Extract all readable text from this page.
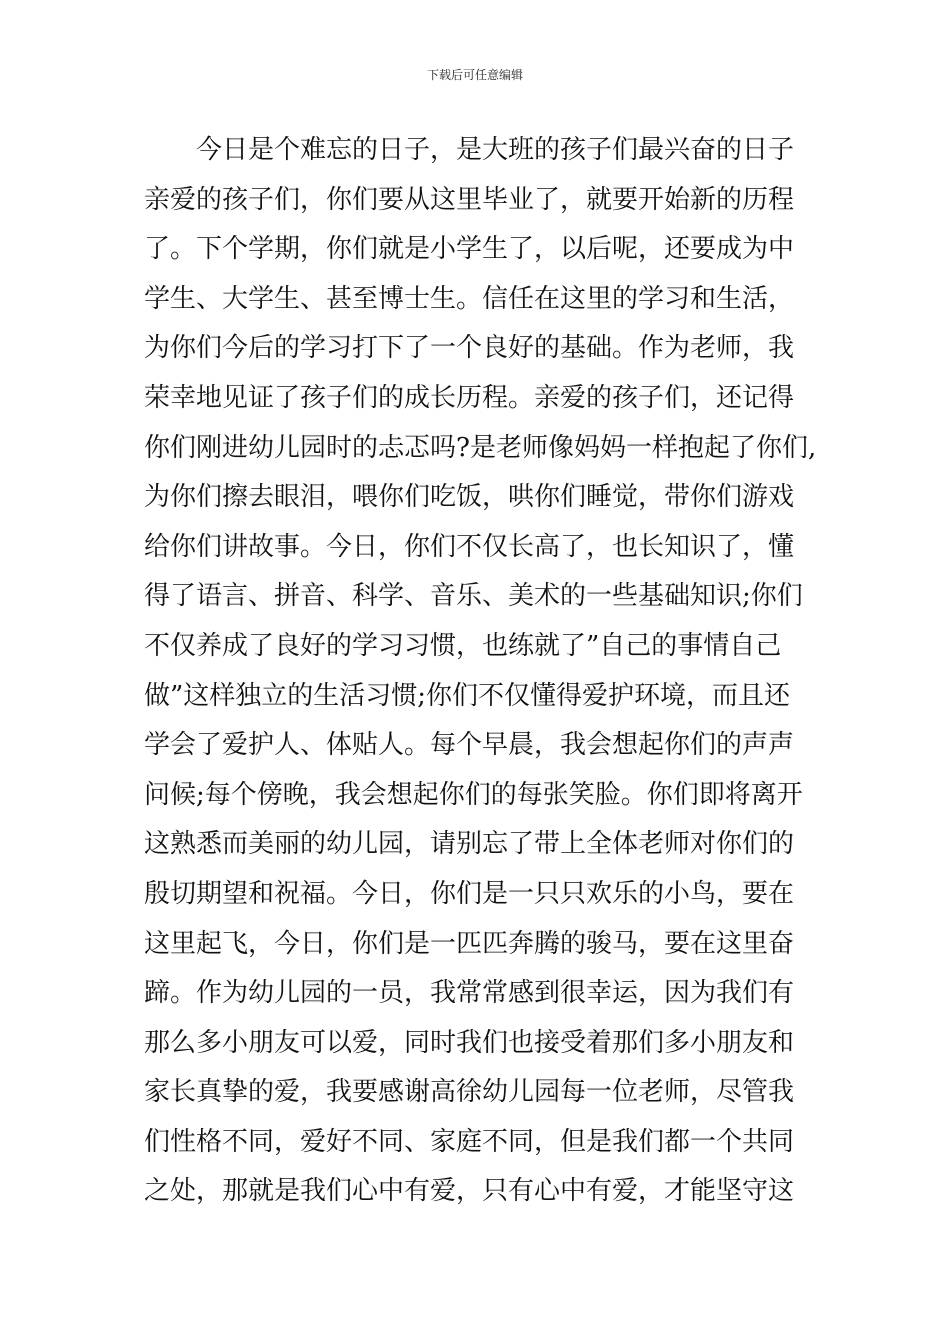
下载后可任意编辑
今日是个难忘的日子，是大班的孩子们最兴奋的日子
亲爱的孩子们，你们要从这里毕业了，就要开始新的历程
了。下个学期，你们就是小学生了，以后呢，还要成为中
学生、大学生、甚至博士生。信任在这里的学习和生活，
为你们今后的学习打下了一个良好的基础。作为老师，我
荣幸地见证了孩子们的成长历程。亲爱的孩子们，还记得
你们刚进幼儿园时的忐忑吗?是老师像妈妈一样抱起了你们,
为你们擦去眼泪，喂你们吃饭，哄你们睡觉，带你们游戏
给你们讲故事。今日，你们不仅长高了，也长知识了，懂
得了语言、拼音、科学、音乐、美术的一些基础知识;你们
不仅养成了良好的学习习惯，也练就了”自己的事情自己
做”这样独立的生活习惯;你们不仅懂得爱护环境，而且还
学会了爱护人、体贴人。每个早晨，我会想起你们的声声
问候;每个傍晚，我会想起你们的每张笑脸。你们即将离开
这熟悉而美丽的幼儿园，请别忘了带上全体老师对你们的
殷切期望和祝福。今日，你们是一只只欢乐的小鸟，要在
这里起飞，今日，你们是一匹匹奔腾的骏马，要在这里奋
蹄。作为幼儿园的一员，我常常感到很幸运，因为我们有
那么多小朋友可以爱，同时我们也接受着那们多小朋友和
家长真挚的爱，我要感谢高徐幼儿园每一位老师，尽管我
们性格不同，爱好不同、家庭不同，但是我们都一个共同
之处，那就是我们心中有爱，只有心中有爱，才能坚守这
